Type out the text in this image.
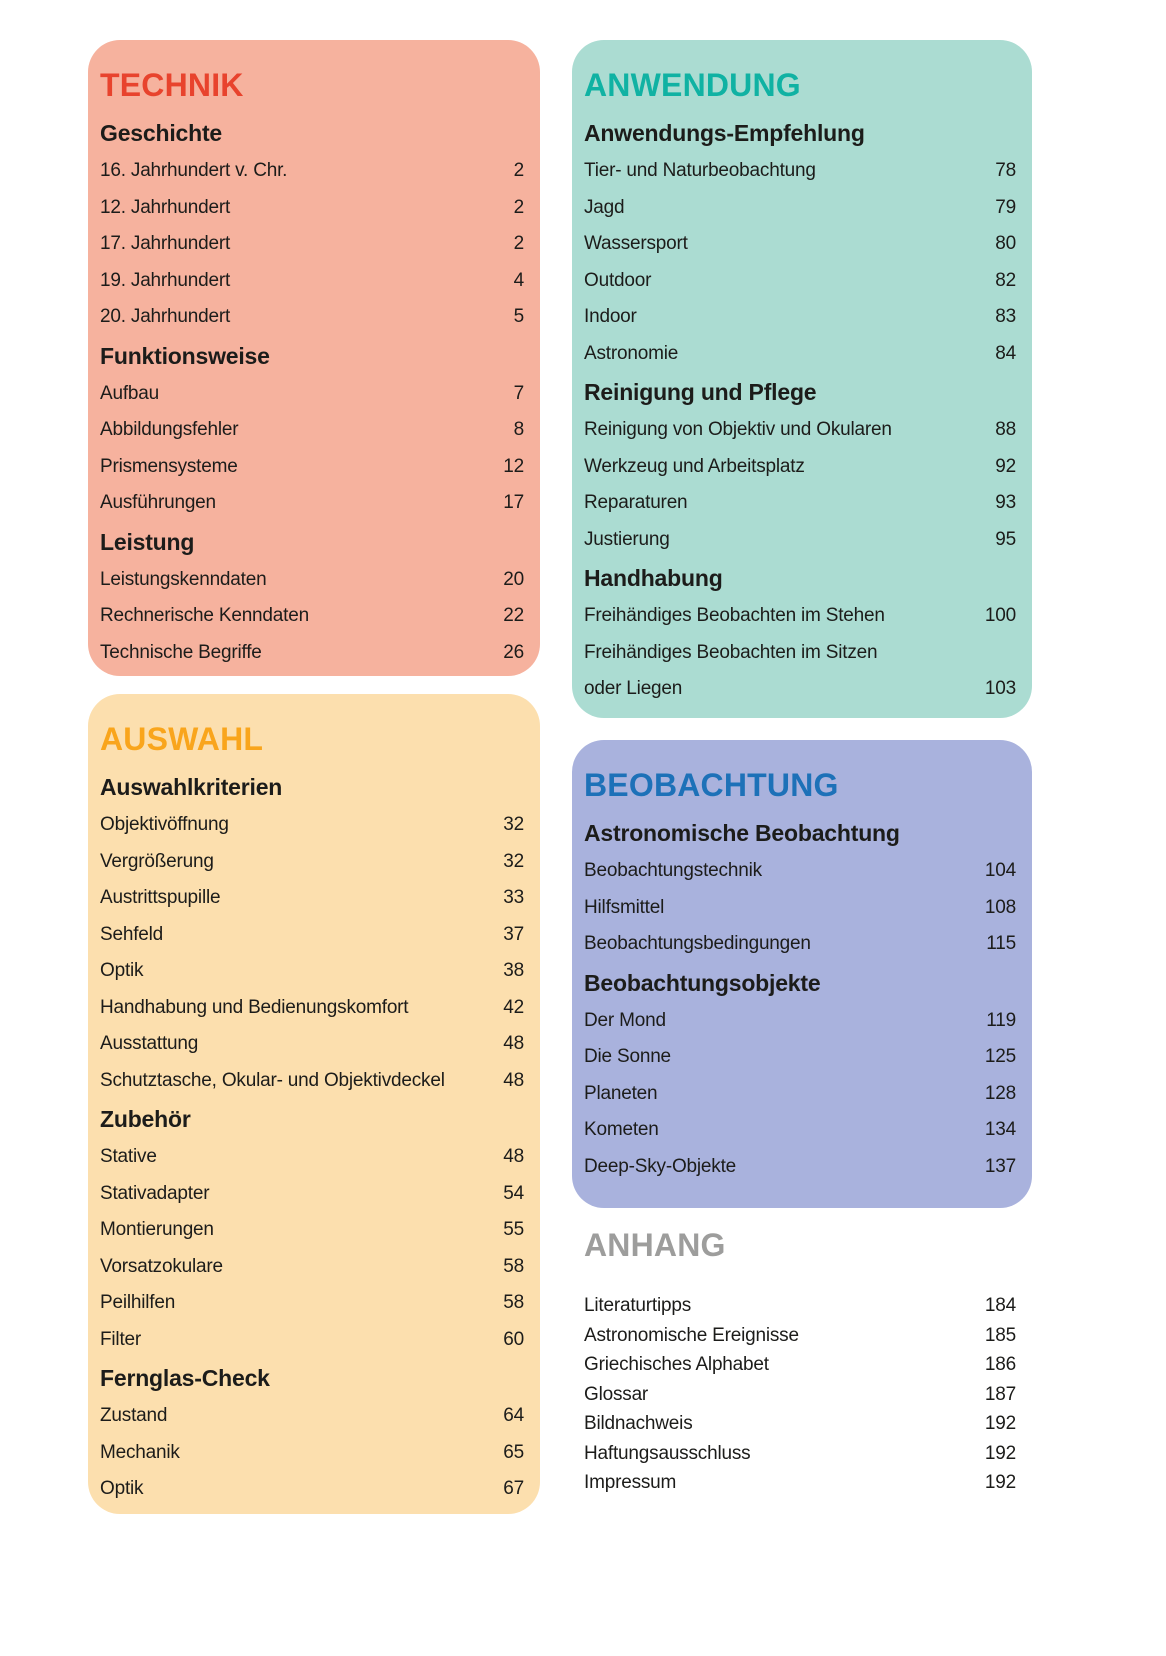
TECHNIK
Geschichte
16. Jahrhundert v. Chr.	2
12. Jahrhundert	2
17. Jahrhundert	2
19. Jahrhundert	4
20. Jahrhundert	5
Funktionsweise
Aufbau	7
Abbildungsfehler	8
Prismensysteme	12
Ausführungen	17
Leistung
Leistungskenndaten	20
Rechnerische Kenndaten	22
Technische Begriffe	26
ANWENDUNG
Anwendungs-Empfehlung
Tier- und Naturbeobachtung	78
Jagd	79
Wassersport	80
Outdoor	82
Indoor	83
Astronomie	84
Reinigung und Pflege
Reinigung von Objektiv und Okularen	88
Werkzeug und Arbeitsplatz	92
Reparaturen	93
Justierung	95
Handhabung
Freihändiges Beobachten im Stehen	100
Freihändiges Beobachten im Sitzen
oder Liegen	103
AUSWAHL
Auswahlkriterien
Objektivöffnung	32
Vergrößerung	32
Austrittspupille	33
Sehfeld	37
Optik	38
Handhabung und Bedienungskomfort	42
Ausstattung	48
Schutztasche, Okular- und Objektivdeckel	48
Zubehör
Stative	48
Stativadapter	54
Montierungen	55
Vorsatzokulare	58
Peilhilfen	58
Filter	60
Fernglas-Check
Zustand	64
Mechanik	65
Optik	67
BEOBACHTUNG
Astronomische Beobachtung
Beobachtungstechnik	104
Hilfsmittel	108
Beobachtungsbedingungen	115
Beobachtungsobjekte
Der Mond	119
Die Sonne	125
Planeten	128
Kometen	134
Deep-Sky-Objekte	137
ANHANG
Literaturtipps	184
Astronomische Ereignisse	185
Griechisches Alphabet	186
Glossar	187
Bildnachweis	192
Haftungsausschluss	192
Impressum	192
